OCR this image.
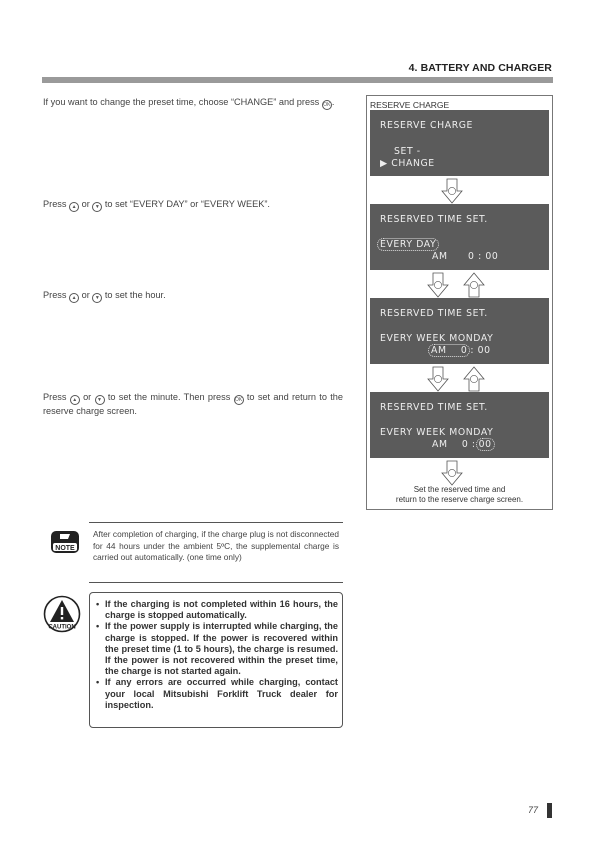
4. BATTERY AND CHARGER
If you want to change the preset time, choose “CHANGE” and press OK.
Press ▲ or ▼ to set “EVERY DAY” or “EVERY WEEK”.
Press ▲ or ▼ to set the hour.
Press ▲ or ▼ to set the minute. Then press OK to set and return to the reserve charge screen.
RESERVE CHARGE
RESERVE CHARGE
SET -
▶ CHANGE
RESERVED TIME SET.
EVERY DAY
AM 0 : 00
RESERVED TIME SET.
EVERY WEEK MONDAY
AM 0 : 00
RESERVED TIME SET.
EVERY WEEK MONDAY
AM 0 : 00
Set the reserved time and
return to the reserve charge screen.
NOTE
After completion of charging, if the charge plug is not disconnected for 44 hours under the ambient 5ºC, the supplemental charge is carried out automatically. (one time only)
CAUTION
• If the charging is not completed within 16 hours, the charge is stopped automatically.
• If the power supply is interrupted while charging, the charge is stopped. If the power is recovered within the preset time (1 to 5 hours), the charge is resumed. If the power is not recovered within the preset time, the charge is not started again.
• If any errors are occurred while charging, contact your local Mitsubishi Forklift Truck dealer for inspection.
77
